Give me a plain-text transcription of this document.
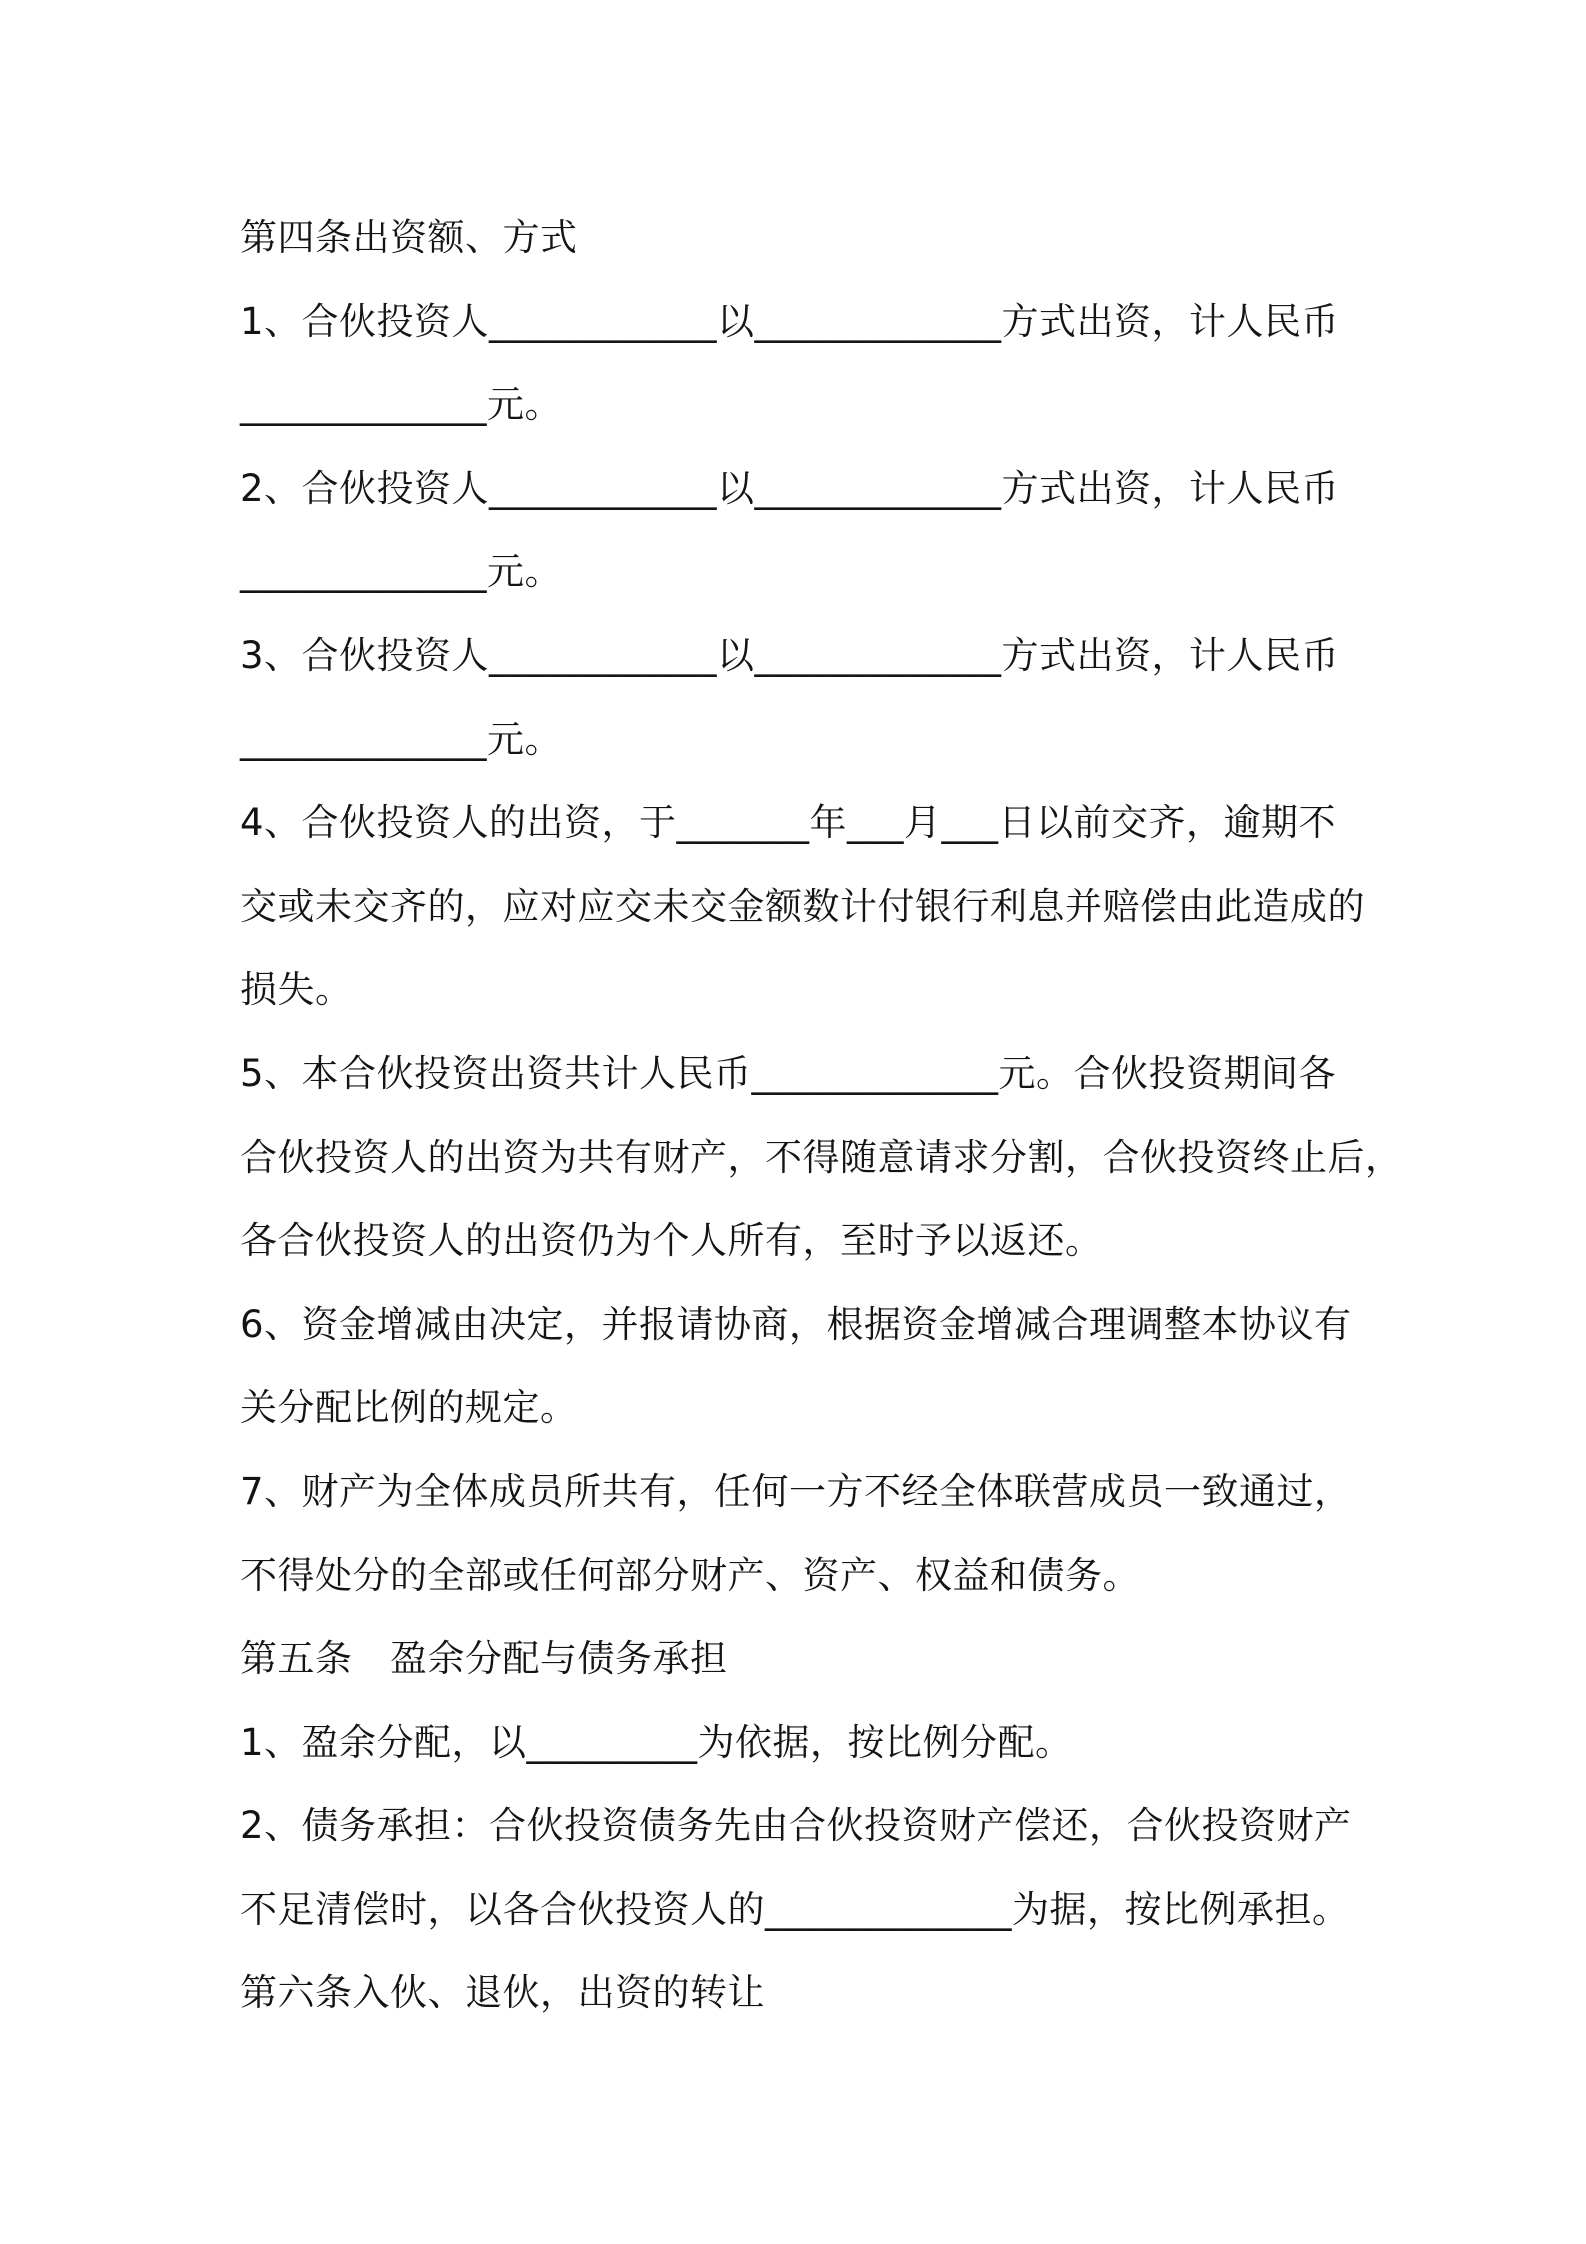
第四条出资额、方式
1、合伙投资人____________以_____________方式出资，计人民币
_____________元。
2、合伙投资人____________以_____________方式出资，计人民币
_____________元。
3、合伙投资人____________以_____________方式出资，计人民币
_____________元。
4、合伙投资人的出资，于_______年___月___日以前交齐，逾期不
交或未交齐的，应对应交未交金额数计付银行利息并赔偿由此造成的
损失。
5、本合伙投资出资共计人民币_____________元。合伙投资期间各
合伙投资人的出资为共有财产，不得随意请求分割，合伙投资终止后，
各合伙投资人的出资仍为个人所有，至时予以返还。
6、资金增减由决定，并报请协商，根据资金增减合理调整本协议有
关分配比例的规定。
7、财产为全体成员所共有，任何一方不经全体联营成员一致通过，
不得处分的全部或任何部分财产、资产、权益和债务。
第五条　盈余分配与债务承担
1、盈余分配，以_________为依据，按比例分配。
2、债务承担：合伙投资债务先由合伙投资财产偿还，合伙投资财产
不足清偿时，以各合伙投资人的_____________为据，按比例承担。
第六条入伙、退伙，出资的转让
